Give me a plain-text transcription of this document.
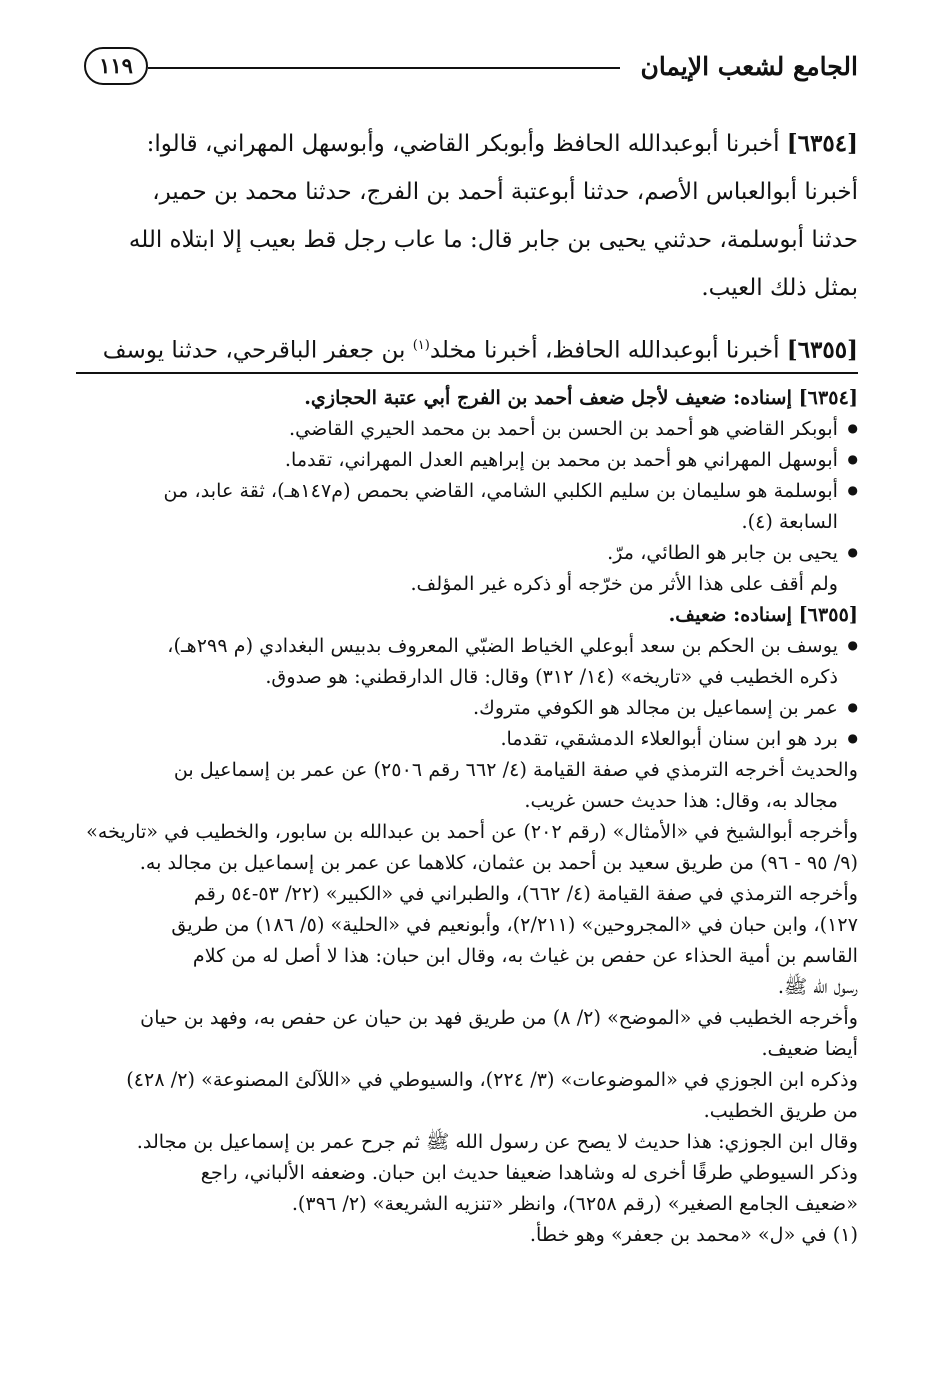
الجامع لشعب الإيمان
١١٩

[٦٣٥٤] أخبرنا أبوعبدالله الحافظ وأبوبكر القاضي، وأبوسهل المهراني، قالوا:

أخبرنا أبوالعباس الأصم، حدثنا أبوعتبة أحمد بن الفرج، حدثنا محمد بن حمير،

حدثنا أبوسلمة، حدثني يحيى بن جابر قال: ما عاب رجل قط بعيب إلا ابتلاه الله

بمثل ذلك العيب.

[٦٣٥٥] أخبرنا أبوعبدالله الحافظ، أخبرنا مخلد$^{(١)}$ بن جعفر الباقرحي، حدثنا يوسف

[٦٣٥٤] إسناده: ضعيف لأجل ضعف أحمد بن الفرج أبي عتبة الحجازي.
● أبوبكر القاضي هو أحمد بن الحسن بن أحمد بن محمد الحيري القاضي.
● أبوسهل المهراني هو أحمد بن محمد بن إبراهيم العدل المهراني، تقدما.
● أبوسلمة هو سليمان بن سليم الكلبي الشامي، القاضي بحمص (م١٤٧هـ)، ثقة عابد، من
السابعة (٤).
● يحيى بن جابر هو الطائي، مرّ.
ولم أقف على هذا الأثر من خرّجه أو ذكره غير المؤلف.
[٦٣٥٥] إسناده: ضعيف.
● يوسف بن الحكم بن سعد أبوعلي الخياط الضبّي المعروف بدبيس البغدادي (م ٢٩٩هـ)،
ذكره الخطيب في «تاريخه» (١٤/ ٣١٢) وقال: قال الدارقطني: هو صدوق.
● عمر بن إسماعيل بن مجالد هو الكوفي متروك.
● برد هو ابن سنان أبوالعلاء الدمشقي، تقدما.
والحديث أخرجه الترمذي في صفة القيامة (٤/ ٦٦٢ رقم ٢٥٠٦) عن عمر بن إسماعيل بن
مجالد به، وقال: هذا حديث حسن غريب.
وأخرجه أبوالشيخ في «الأمثال» (رقم ٢٠٢) عن أحمد بن عبدالله بن سابور، والخطيب في «تاريخه»
(٩/ ٩٥ - ٩٦) من طريق سعيد بن أحمد بن عثمان، كلاهما عن عمر بن إسماعيل بن مجالد به.
وأخرجه الترمذي في صفة القيامة (٤/ ٦٦٢)، والطبراني في «الكبير» (٢٢/ ٥٣-٥٤ رقم
١٢٧)، وابن حبان في «المجروحين» (٢/٢١١)، وأبونعيم في «الحلية» (٥/ ١٨٦) من طريق
القاسم بن أمية الحذاء عن حفص بن غياث به، وقال ابن حبان: هذا لا أصل له من كلام
رسول الله ﷺ.
وأخرجه الخطيب في «الموضح» (٢/ ٨) من طريق فهد بن حيان عن حفص به، وفهد بن حيان
أيضا ضعيف.
وذكره ابن الجوزي في «الموضوعات» (٣/ ٢٢٤)، والسيوطي في «اللآلئ المصنوعة» (٢/ ٤٢٨)
من طريق الخطيب.
وقال ابن الجوزي: هذا حديث لا يصح عن رسول الله ﷺ ثم جرح عمر بن إسماعيل بن مجالد.
وذكر السيوطي طرقًا أخرى له وشاهدا ضعيفا حديث ابن حبان. وضعفه الألباني، راجع
«ضعيف الجامع الصغير» (رقم ٦٢٥٨)، وانظر «تنزيه الشريعة» (٢/ ٣٩٦).
(١) في «ل» «محمد بن جعفر» وهو خطأ.
